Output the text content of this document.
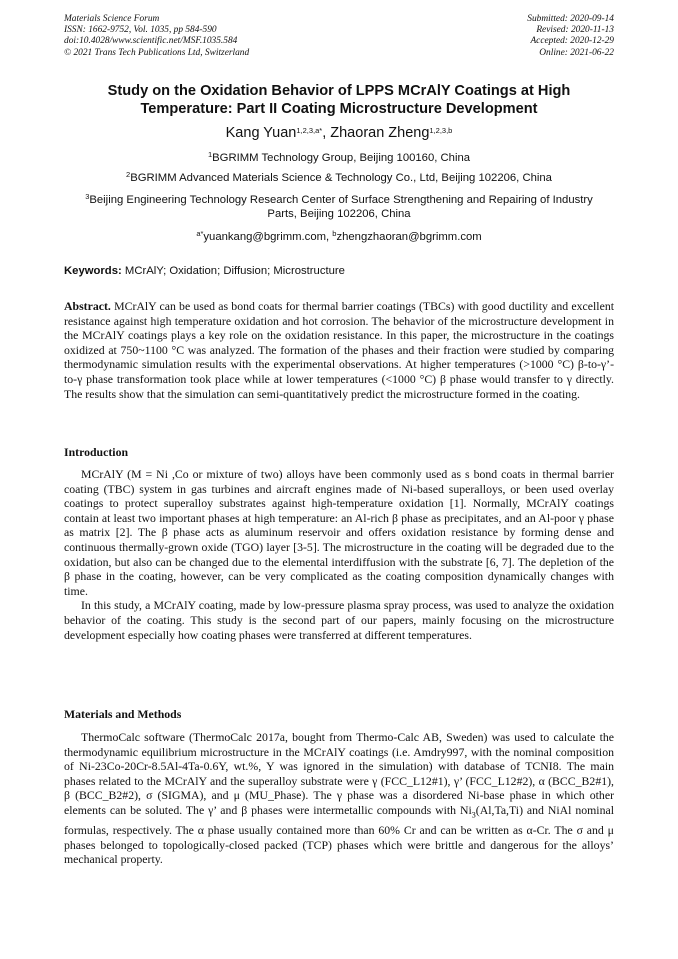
Materials Science Forum
ISSN: 1662-9752, Vol. 1035, pp 584-590
doi:10.4028/www.scientific.net/MSF.1035.584
© 2021 Trans Tech Publications Ltd, Switzerland
Submitted: 2020-09-14
Revised: 2020-11-13
Accepted: 2020-12-29
Online: 2021-06-22
Study on the Oxidation Behavior of LPPS MCrAlY Coatings at High
Temperature: Part II Coating Microstructure Development
Kang Yuan$^{1,2,3,a*}$, Zhaoran Zheng$^{1,2,3,b}$
$^1$BGRIMM Technology Group, Beijing 100160, China
$^2$BGRIMM Advanced Materials Science & Technology Co., Ltd, Beijing 102206, China
$^3$Beijing Engineering Technology Research Center of Surface Strengthening and Repairing of Industry Parts, Beijing 102206, China
$^{a*}$yuankang@bgrimm.com, $^b$zhengzhaoran@bgrimm.com
Keywords: MCrAlY; Oxidation; Diffusion; Microstructure
Abstract. MCrAlY can be used as bond coats for thermal barrier coatings (TBCs) with good ductility and excellent resistance against high temperature oxidation and hot corrosion. The behavior of the microstructure development in the MCrAlY coatings plays a key role on the oxidation resistance. In this paper, the microstructure in the coatings oxidized at 750~1100 °C was analyzed. The formation of the phases and their fraction were studied by comparing thermodynamic simulation results with the experimental observations. At higher temperatures (>1000 °C) β-to-γ’-to-γ phase transformation took place while at lower temperatures (<1000 °C) β phase would transfer to γ directly. The results show that the simulation can semi-quantitatively predict the microstructure formed in the coating.
Introduction

MCrAlY (M = Ni ,Co or mixture of two) alloys have been commonly used as s bond coats in thermal barrier coating (TBC) system in gas turbines and aircraft engines made of Ni-based superalloys, or been used overlay coatings to protect superalloy substrates against high-temperature oxidation [1]. Normally, MCrAlY coatings contain at least two important phases at high temperature: an Al-rich β phase as precipitates, and an Al-poor γ phase as matrix [2]. The β phase acts as aluminum reservoir and offers oxidation resistance by forming dense and continuous thermally-grown oxide (TGO) layer [3-5]. The microstructure in the coating will be degraded due to the oxidation, but also can be changed due to the elemental interdiffusion with the substrate [6, 7]. The depletion of the β phase in the coating, however, can be very complicated as the coating composition dynamically changes with time.

In this study, a MCrAlY coating, made by low-pressure plasma spray process, was used to analyze the oxidation behavior of the coating. This study is the second part of our papers, mainly focusing on the microstructure development especially how coating phases were transferred at different temperatures.

Materials and Methods

ThermoCalc software (ThermoCalc 2017a, bought from Thermo-Calc AB, Sweden) was used to calculate the thermodynamic equilibrium microstructure in the MCrAlY coatings (i.e. Amdry997, with the nominal composition of Ni-23Co-20Cr-8.5Al-4Ta-0.6Y, wt.%, Y was ignored in the simulation) with database of TCNI8. The main phases related to the MCrAlY and the superalloy substrate were γ (FCC_L12#1), γ’ (FCC_L12#2), α (BCC_B2#1), β (BCC_B2#2), σ (SIGMA), and μ (MU_Phase). The γ phase was a disordered Ni-base phase in which other elements can be soluted. The γ’ and β phases were intermetallic compounds with $Ni_3(Al,Ta,Ti)$ and NiAl nominal formulas, respectively. The α phase usually contained more than 60% Cr and can be written as α-Cr. The σ and μ phases belonged to topologically-closed packed (TCP) phases which were brittle and dangerous for the alloys’ mechanical property.
